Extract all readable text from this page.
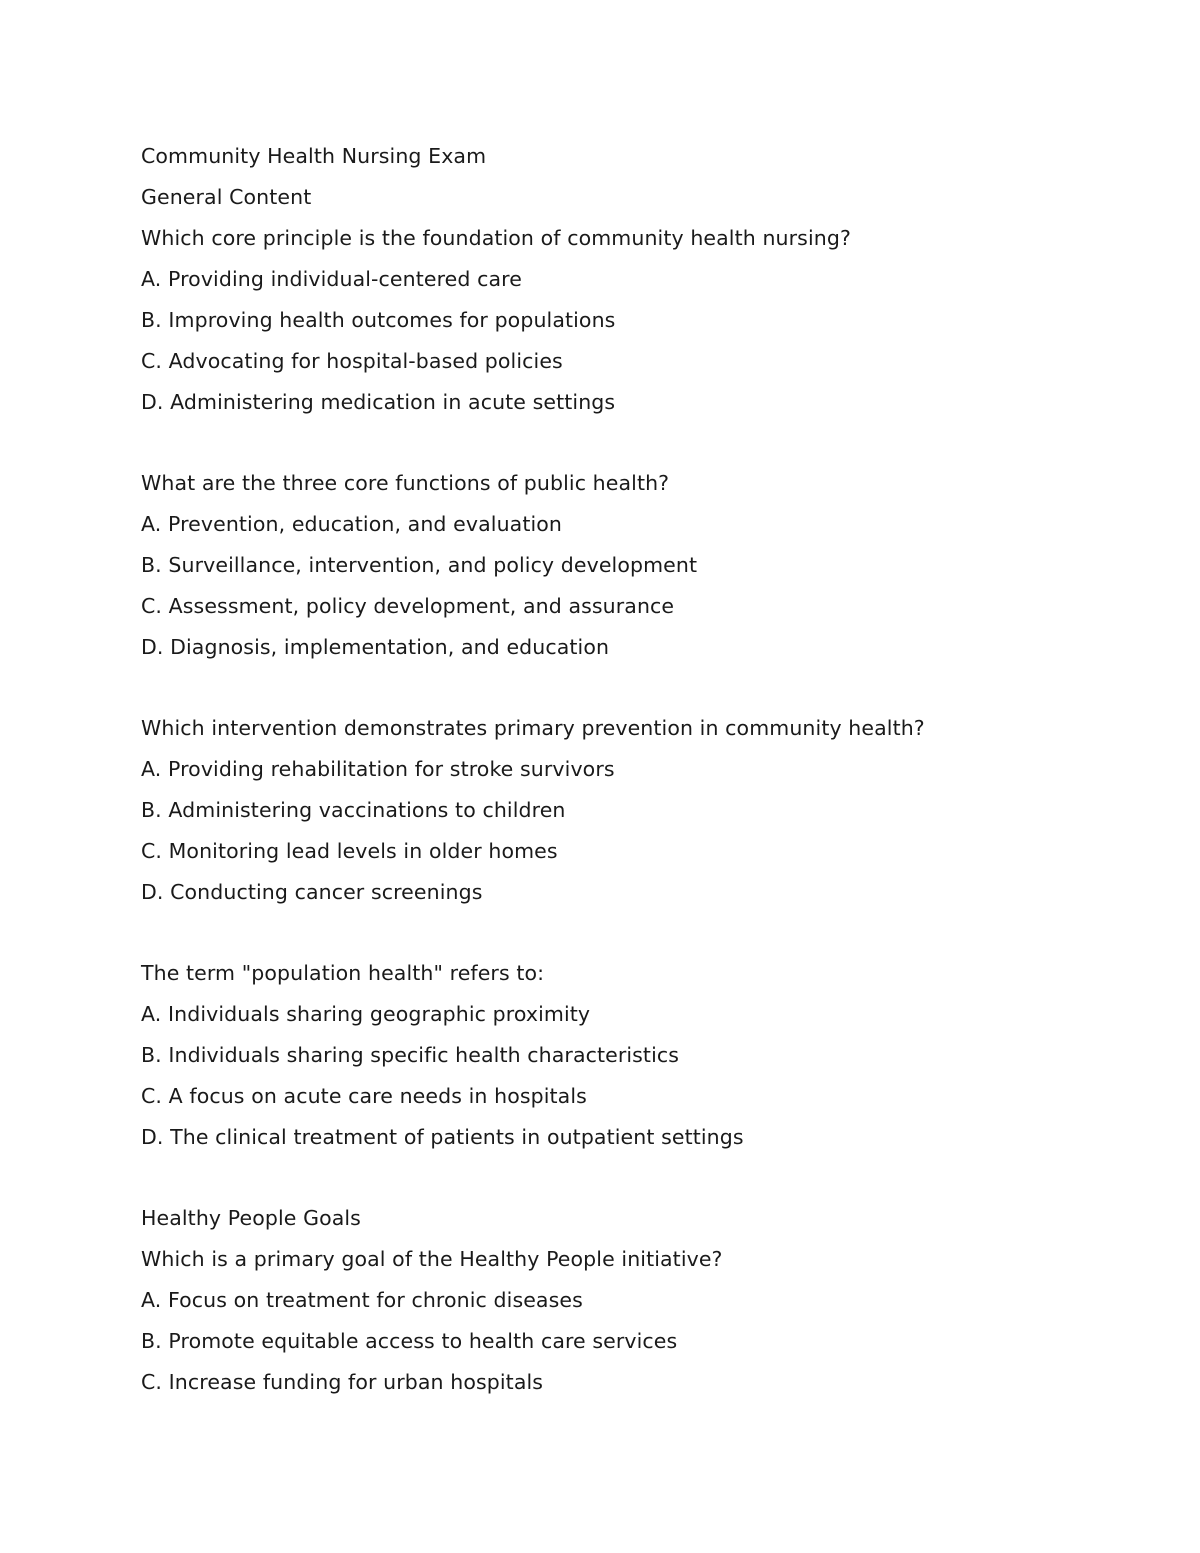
Community Health Nursing Exam
General Content
Which core principle is the foundation of community health nursing?
A. Providing individual-centered care
B. Improving health outcomes for populations
C. Advocating for hospital-based policies
D. Administering medication in acute settings
What are the three core functions of public health?
A. Prevention, education, and evaluation
B. Surveillance, intervention, and policy development
C. Assessment, policy development, and assurance
D. Diagnosis, implementation, and education
Which intervention demonstrates primary prevention in community health?
A. Providing rehabilitation for stroke survivors
B. Administering vaccinations to children
C. Monitoring lead levels in older homes
D. Conducting cancer screenings
The term "population health" refers to:
A. Individuals sharing geographic proximity
B. Individuals sharing specific health characteristics
C. A focus on acute care needs in hospitals
D. The clinical treatment of patients in outpatient settings
Healthy People Goals
Which is a primary goal of the Healthy People initiative?
A. Focus on treatment for chronic diseases
B. Promote equitable access to health care services
C. Increase funding for urban hospitals
